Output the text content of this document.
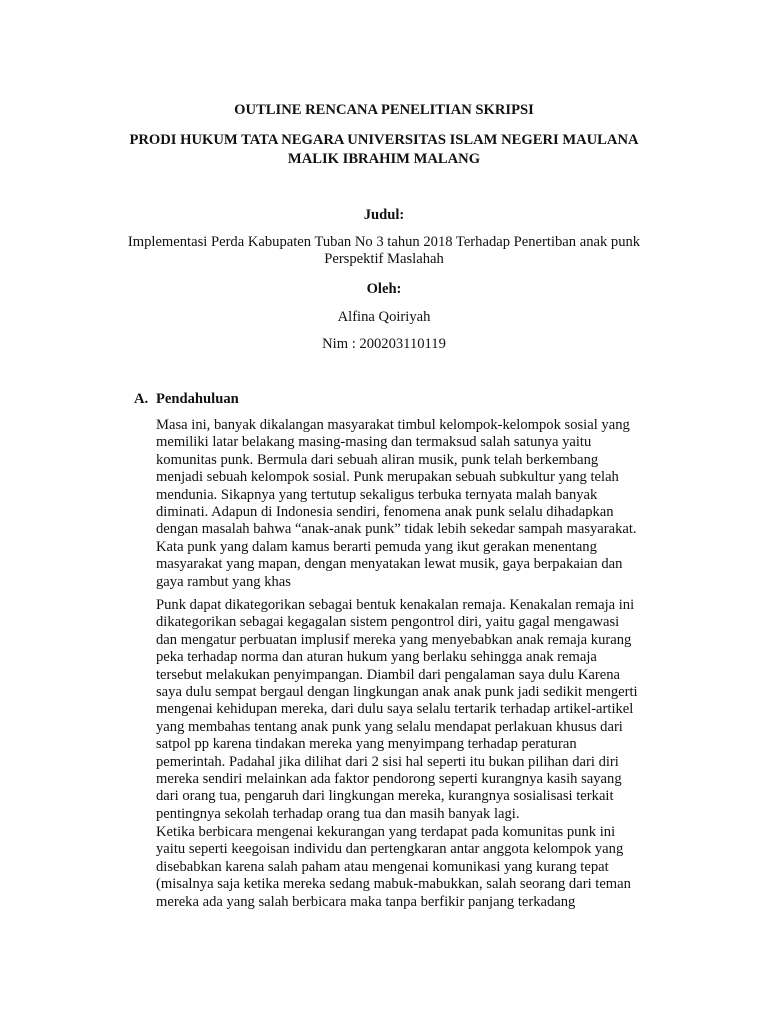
OUTLINE RENCANA PENELITIAN SKRIPSI
PRODI HUKUM TATA NEGARA UNIVERSITAS ISLAM NEGERI MAULANA
MALIK IBRAHIM MALANG
Judul:
Implementasi Perda Kabupaten Tuban No 3 tahun 2018 Terhadap Penertiban anak punk
Perspektif Maslahah
Oleh:
Alfina Qoiriyah
Nim : 200203110119
A. Pendahuluan

Masa ini, banyak dikalangan masyarakat timbul kelompok-kelompok sosial yang
memiliki latar belakang masing-masing dan termaksud salah satunya yaitu
komunitas punk. Bermula dari sebuah aliran musik, punk telah berkembang
menjadi sebuah kelompok sosial. Punk merupakan sebuah subkultur yang telah
mendunia. Sikapnya yang tertutup sekaligus terbuka ternyata malah banyak
diminati. Adapun di Indonesia sendiri, fenomena anak punk selalu dihadapkan
dengan masalah bahwa “anak-anak punk” tidak lebih sekedar sampah masyarakat.
Kata punk yang dalam kamus berarti pemuda yang ikut gerakan menentang
masyarakat yang mapan, dengan menyatakan lewat musik, gaya berpakaian dan
gaya rambut yang khas

Punk dapat dikategorikan sebagai bentuk kenakalan remaja. Kenakalan remaja ini
dikategorikan sebagai kegagalan sistem pengontrol diri, yaitu gagal mengawasi
dan mengatur perbuatan implusif mereka yang menyebabkan anak remaja kurang
peka terhadap norma dan aturan hukum yang berlaku sehingga anak remaja
tersebut melakukan penyimpangan. Diambil dari pengalaman saya dulu Karena
saya dulu sempat bergaul dengan lingkungan anak anak punk jadi sedikit mengerti
mengenai kehidupan mereka, dari dulu saya selalu tertarik terhadap artikel-artikel
yang membahas tentang anak punk yang selalu mendapat perlakuan khusus dari
satpol pp karena tindakan mereka yang menyimpang terhadap peraturan
pemerintah. Padahal jika dilihat dari 2 sisi hal seperti itu bukan pilihan dari diri
mereka sendiri melainkan ada faktor pendorong seperti kurangnya kasih sayang
dari orang tua, pengaruh dari lingkungan mereka, kurangnya sosialisasi terkait
pentingnya sekolah terhadap orang tua dan masih banyak lagi.

Ketika berbicara mengenai kekurangan yang terdapat pada komunitas punk ini
yaitu seperti keegoisan individu dan pertengkaran antar anggota kelompok yang
disebabkan karena salah paham atau mengenai komunikasi yang kurang tepat
(misalnya saja ketika mereka sedang mabuk-mabukkan, salah seorang dari teman
mereka ada yang salah berbicara maka tanpa berfikir panjang terkadang
